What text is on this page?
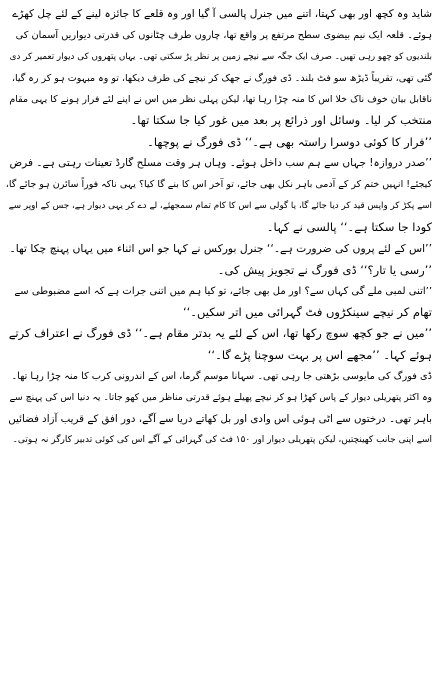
شاید وہ کچھ اور بھی کہتا، اتنے میں جنرل پالسی آ گیا اور وہ قلعے کا جائزہ لینے کے لئے چل کھڑے
ہوئے۔ قلعہ ایک نیم بیضوی سطح مرتفع پر واقع تھا، چاروں طرف چٹانوں کی قدرتی دیواریں آسمان کی
بلندیوں کو چھو رہی تھیں۔ صرف ایک جگہ سے نیچے زمین پر نظر پڑ سکتی تھی۔ یہاں پتھروں کی دیوار تعمیر کر دی
گئی تھی، تقریباً ڈیڑھ سو فٹ بلند۔ ڈی فورگ نے جھک کر نیچے کی طرف دیکھا، تو وہ مبہوت ہو کر رہ گیا،
ناقابل بیان خوف ناک خلا اس کا منہ چڑا رہا تھا، لیکن پہلی نظر میں اس نے اپنے لئے فرار ہونے کا یہی مقام
منتخب کر لیا۔ وسائل اور ذرائع پر بعد میں غور کیا جا سکتا تھا۔
’’فرار کا کوئی دوسرا راستہ بھی ہے۔‘‘ ڈی فورگ نے پوچھا۔
’’صدر دروازہ! جہاں سے ہم سب داخل ہوئے۔ وہاں ہر وقت مسلح گارڈ تعینات رہتی ہے۔ فرض
کیجئے! انہیں ختم کر کے آدمی باہر نکل بھی جائے، تو آخر اس کا بنے گا کیا؟ یہی ناکہ فوراً سائرن ہو جائے گا،
اسے پکڑ کر واپس قید کر دیا جائے گا، یا گولی سے اس کا کام تمام سمجھئے، لے دے کر یہی دیوار ہے، جس کے اوپر سے
کودا جا سکتا ہے۔‘‘ پالسی نے کہا۔
’’اس کے لئے پروں کی ضرورت ہے۔‘‘ جنرل بورکس نے کہا جو اس اثناء میں یہاں پہنچ چکا تھا۔
’’رسی یا تار؟‘‘ ڈی فورگ نے تجویز پیش کی۔
’’اتنی لمبی ملے گی کہاں سے؟ اور مل بھی جائے، تو کیا ہم میں اتنی جرات ہے کہ اسے مضبوطی سے
تھام کر نیچے سینکڑوں فٹ گہرائی میں اتر سکیں۔‘‘
’’میں نے جو کچھ سوچ رکھا تھا، اس کے لئے یہ بدتر مقام ہے۔‘‘ ڈی فورگ نے اعتراف کرتے
ہوئے کہا۔ ’’مجھے اس پر بہت سوچنا پڑے گا۔‘‘
ڈی فورگ کی مایوسی بڑھتی جا رہی تھی۔ سہانا موسم گرما، اس کے اندرونی کرب کا منہ چڑا رہا تھا۔
وہ اکثر پتھریلی دیوار کے پاس کھڑا ہو کر نیچے پھیلے ہوئے قدرتی مناظر میں کھو جاتا۔ یہ دنیا اس کی پہنچ سے
باہر تھی۔ درختوں سے اٹی ہوئی اس وادی اور بل کھاتے دریا سے آگے، دور افق کے قریب آزاد فضائیں
اسے اپنی جانب کھینچتیں، لیکن پتھریلی دیوار اور ۱۵۰ فٹ کی گہرائی کے آگے اس کی کوئی تدبیر کارگر نہ ہوتی۔
